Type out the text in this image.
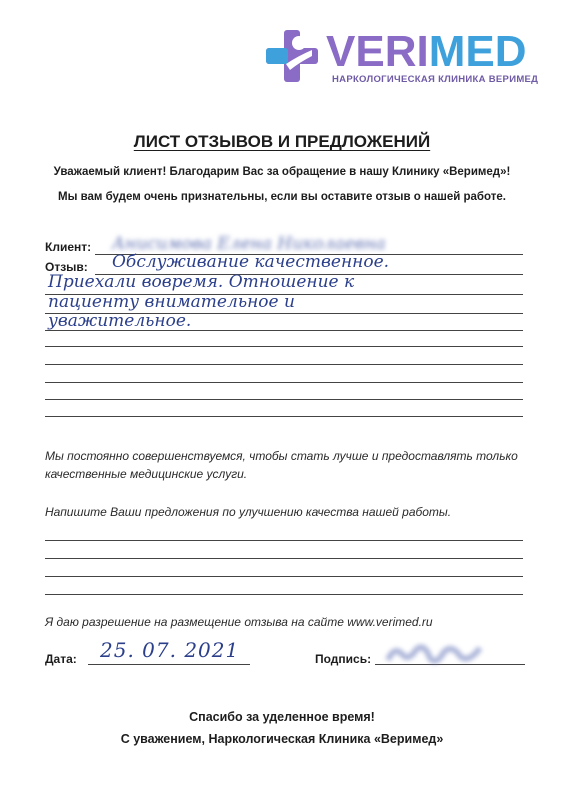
VERIMED
НАРКОЛОГИЧЕСКАЯ КЛИНИКА ВЕРИМЕД
ЛИСТ ОТЗЫВОВ И ПРЕДЛОЖЕНИЙ
Уважаемый клиент! Благодарим Вас за обращение в нашу Клинику «Веримед»!
Мы вам будем очень признательны, если вы оставите отзыв о нашей работе.
Клиент: Анисимова Елена Николаевна
Отзыв: Обслуживание качественное.
Приехали вовремя. Отношение к
пациенту внимательное и
уважительное.
Мы постоянно совершенствуемся, чтобы стать лучше и предоставлять только
качественные медицинские услуги.
Напишите Ваши предложения по улучшению качества нашей работы.
Я даю разрешение на размещение отзыва на сайте www.verimed.ru
Дата: 25. 07. 2021	Подпись:
Спасибо за уделенное время!
С уважением, Наркологическая Клиника «Веримед»
